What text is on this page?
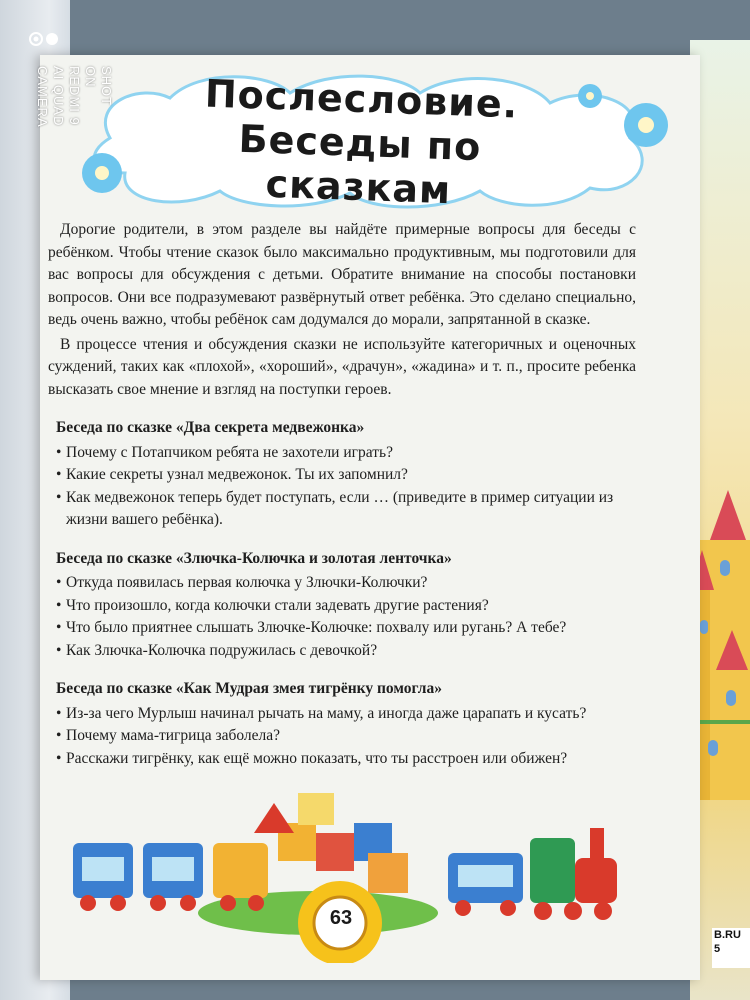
B.RU
5
Послесловие.
Беседы по сказкам

Дорогие родители, в этом разделе вы найдёте примерные вопросы для беседы с ребёнком. Чтобы чтение сказок было максимально продуктивным, мы подготовили для вас вопросы для обсуждения с детьми. Обратите внимание на способы постановки вопросов. Они все подразумевают развёрнутый ответ ребёнка. Это сделано специально, ведь очень важно, чтобы ребёнок сам додумался до морали, запрятанной в сказке.

В процессе чтения и обсуждения сказки не используйте категоричных и оценочных суждений, таких как «плохой», «хороший», «драчун», «жадина» и т. п., просите ребенка высказать свое мнение и взгляд на поступки героев.

Беседа по сказке «Два секрета медвежонка»

• Почему с Потапчиком ребята не захотели играть?
• Какие секреты узнал медвежонок. Ты их запомнил?
• Как медвежонок теперь будет поступать, если … (приведите в пример ситуации из жизни вашего ребёнка).

Беседа по сказке «Злючка-Колючка и золотая ленточка»

• Откуда появилась первая колючка у Злючки-Колючки?
• Что произошло, когда колючки стали задевать другие растения?
• Что было приятнее слышать Злючке-Колючке: похвалу или ругань? А тебе?
• Как Злючка-Колючка подружилась с девочкой?

Беседа по сказке «Как Мудрая змея тигрёнку помогла»

• Из-за чего Мурлыш начинал рычать на маму, а иногда даже царапать и кусать?
• Почему мама-тигрица заболела?
• Расскажи тигрёнку, как ещё можно показать, что ты расстроен или обижен?
63
SHOT ON REDMI 9
AI QUAD CAMERA
